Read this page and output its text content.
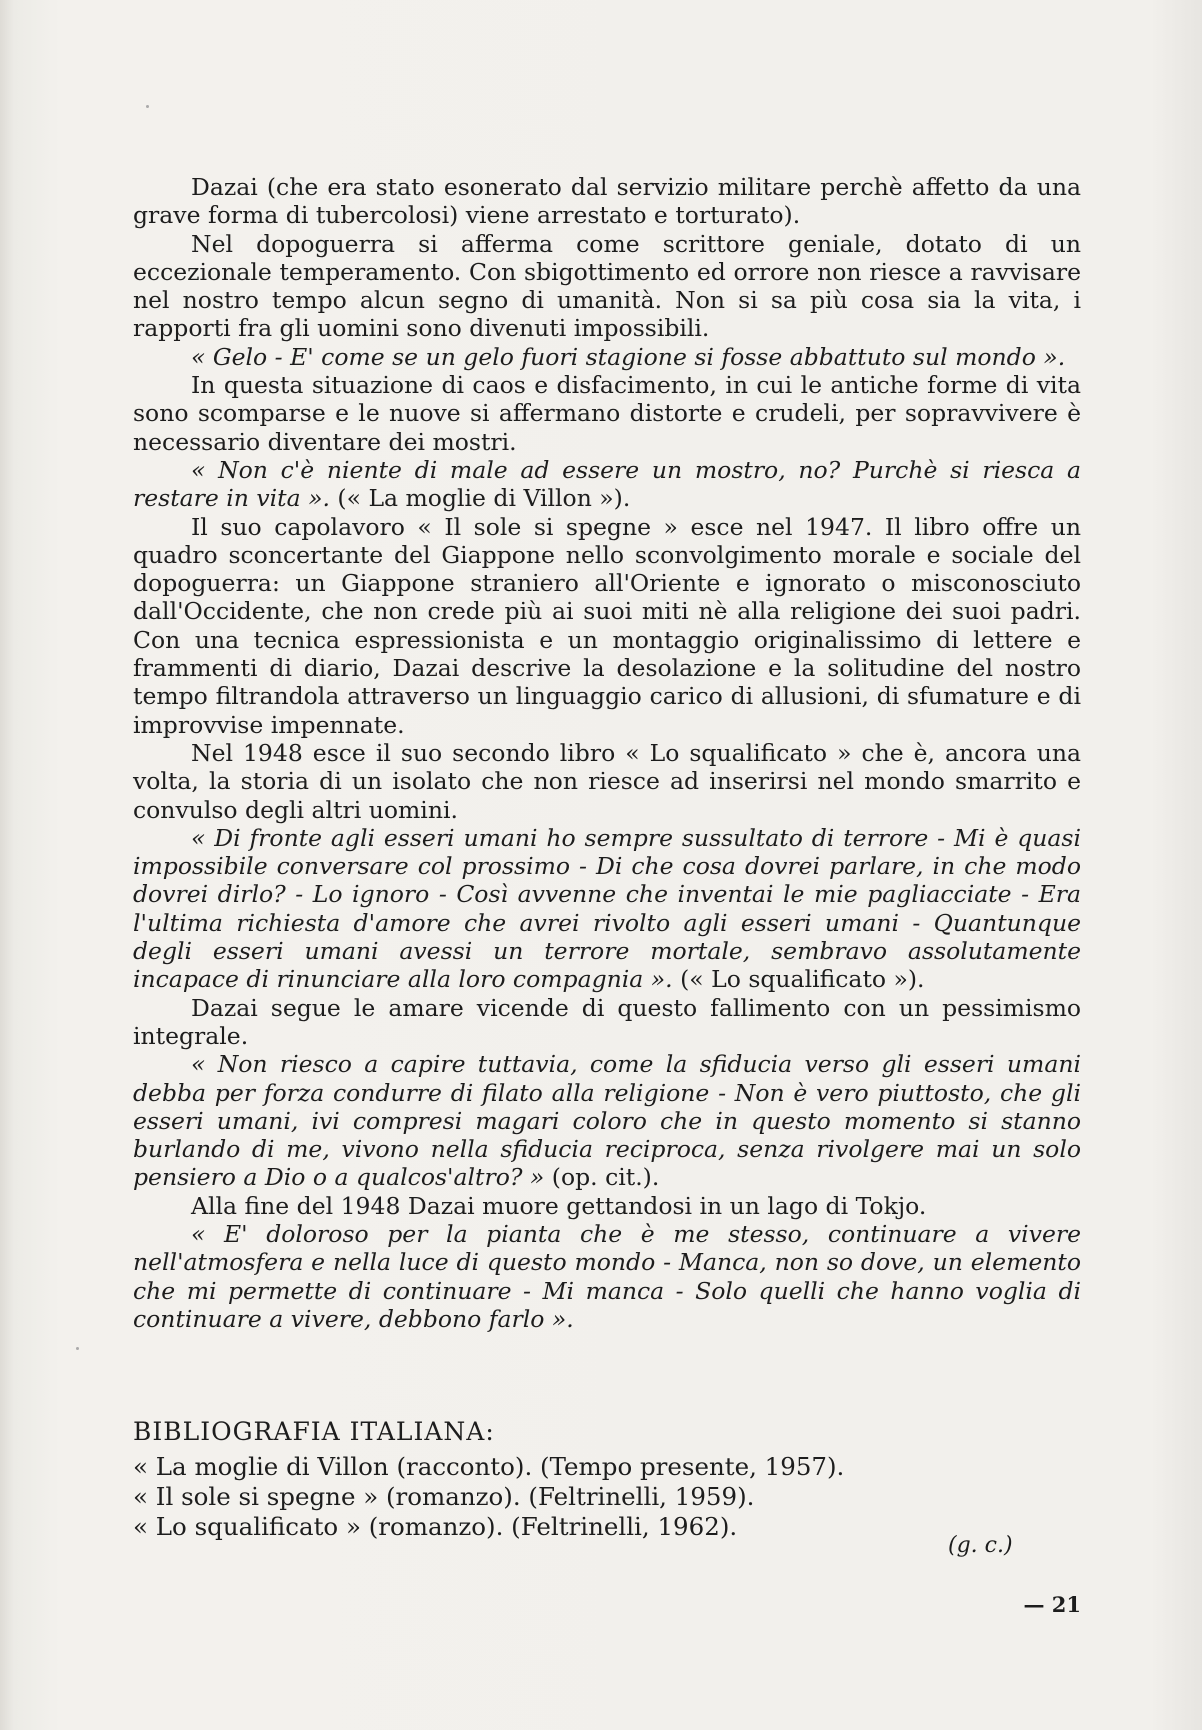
Dazai (che era stato esonerato dal servizio militare perchè affetto da una grave forma di tubercolosi) viene arrestato e torturato).

Nel dopoguerra si afferma come scrittore geniale, dotato di un eccezionale temperamento. Con sbigottimento ed orrore non riesce a ravvisare nel nostro tempo alcun segno di umanità. Non si sa più cosa sia la vita, i rapporti fra gli uomini sono divenuti impossibili.

« Gelo - E' come se un gelo fuori stagione si fosse abbattuto sul mondo ».

In questa situazione di caos e disfacimento, in cui le antiche forme di vita sono scomparse e le nuove si affermano distorte e crudeli, per sopravvivere è necessario diventare dei mostri.

« Non c'è niente di male ad essere un mostro, no? Purchè si riesca a restare in vita ». (« La moglie di Villon »).

Il suo capolavoro « Il sole si spegne » esce nel 1947. Il libro offre un quadro sconcertante del Giappone nello sconvolgimento morale e sociale del dopoguerra: un Giappone straniero all'Oriente e ignorato o misconosciuto dall'Occidente, che non crede più ai suoi miti nè alla religione dei suoi padri. Con una tecnica espressionista e un montaggio originalissimo di lettere e frammenti di diario, Dazai descrive la desolazione e la solitudine del nostro tempo filtrandola attraverso un linguaggio carico di allusioni, di sfumature e di improvvise impennate.

Nel 1948 esce il suo secondo libro « Lo squalificato » che è, ancora una volta, la storia di un isolato che non riesce ad inserirsi nel mondo smarrito e convulso degli altri uomini.

« Di fronte agli esseri umani ho sempre sussultato di terrore - Mi è quasi impossibile conversare col prossimo - Di che cosa dovrei parlare, in che modo dovrei dirlo? - Lo ignoro - Così avvenne che inventai le mie pagliacciate - Era l'ultima richiesta d'amore che avrei rivolto agli esseri umani - Quantunque degli esseri umani avessi un terrore mortale, sembravo assolutamente incapace di rinunciare alla loro compagnia ». (« Lo squalificato »).

Dazai segue le amare vicende di questo fallimento con un pessimismo integrale.

« Non riesco a capire tuttavia, come la sfiducia verso gli esseri umani debba per forza condurre di filato alla religione - Non è vero piuttosto, che gli esseri umani, ivi compresi magari coloro che in questo momento si stanno burlando di me, vivono nella sfiducia reciproca, senza rivolgere mai un solo pensiero a Dio o a qualcos'altro? » (op. cit.).

Alla fine del 1948 Dazai muore gettandosi in un lago di Tokjo.

« E' doloroso per la pianta che è me stesso, continuare a vivere nell'atmosfera e nella luce di questo mondo - Manca, non so dove, un elemento che mi permette di continuare - Mi manca - Solo quelli che hanno voglia di continuare a vivere, debbono farlo ».

BIBLIOGRAFIA ITALIANA:
« La moglie di Villon (racconto). (Tempo presente, 1957).
« Il sole si spegne » (romanzo). (Feltrinelli, 1959).
« Lo squalificato » (romanzo). (Feltrinelli, 1962).
(g. c.)
— 21
